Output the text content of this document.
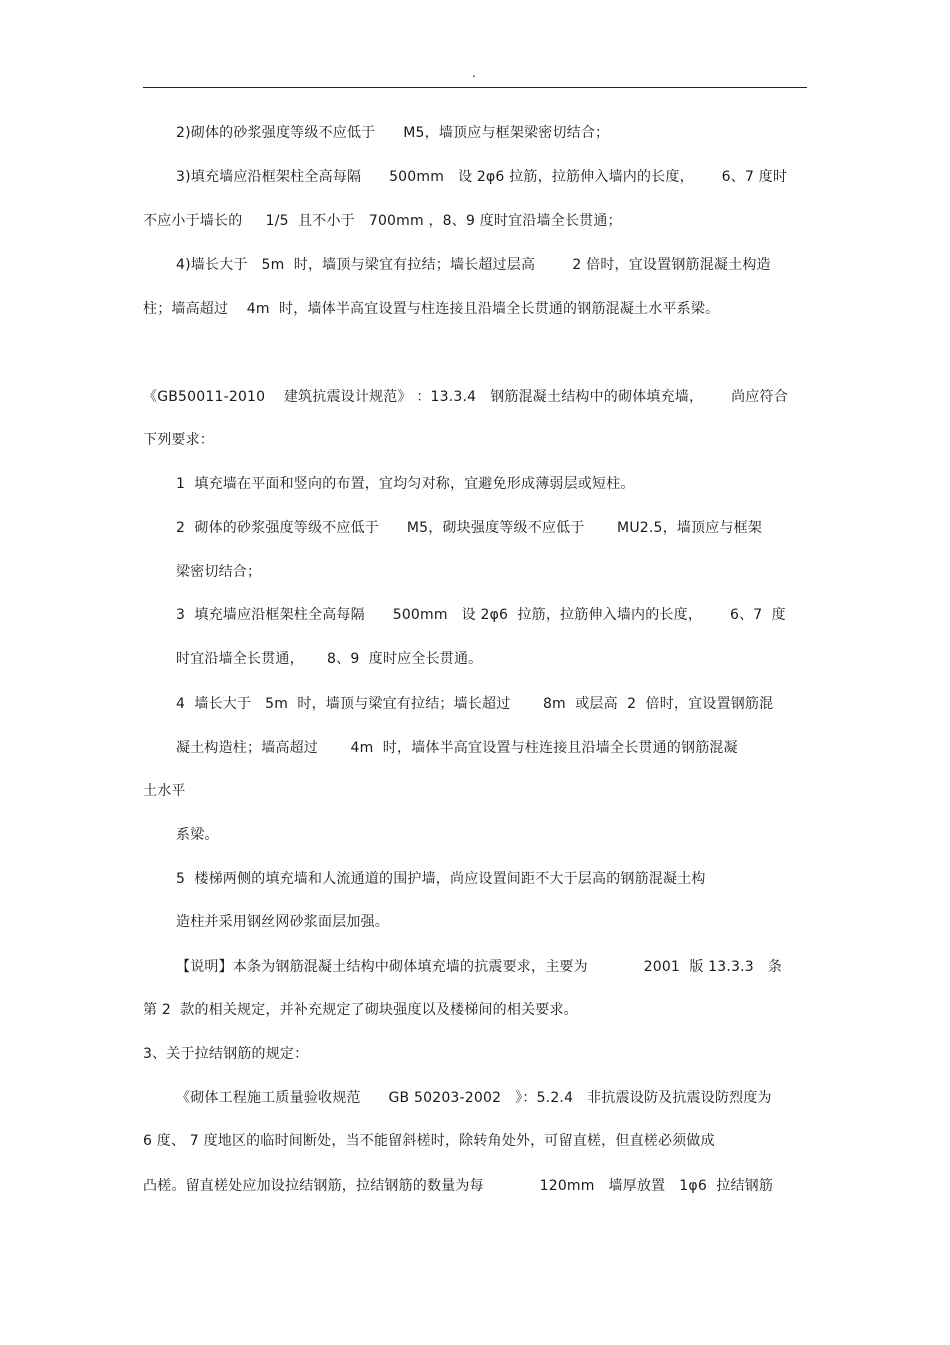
.
2)砌体的砂浆强度等级不应低于      M5，墙顶应与框架梁密切结合；
3)填充墙应沿框架柱全高每隔      500mm   设 2φ6 拉筋，拉筋伸入墙内的长度，      6、7 度时
不应小于墙长的     1/5  且不小于   700mm ，8、9 度时宜沿墙全长贯通；
4)墙长大于   5m  时，墙顶与梁宜有拉结；墙长超过层高        2 倍时，宜设置钢筋混凝土构造
柱；墙高超过    4m  时，墙体半高宜设置与柱连接且沿墙全长贯通的钢筋混凝土水平系梁。
《GB50011-2010    建筑抗震设计规范》 ：13.3.4   钢筋混凝土结构中的砌体填充墙，      尚应符合
下列要求：
1  填充墙在平面和竖向的布置，宜均匀对称，宜避免形成薄弱层或短柱。
2  砌体的砂浆强度等级不应低于      M5，砌块强度等级不应低于       MU2.5，墙顶应与框架
梁密切结合；
3  填充墙应沿框架柱全高每隔      500mm   设 2φ6  拉筋，拉筋伸入墙内的长度，      6、7  度
时宜沿墙全长贯通，     8、9  度时应全长贯通。
4  墙长大于   5m  时，墙顶与梁宜有拉结；墙长超过       8m  或层高  2  倍时，宜设置钢筋混
凝土构造柱；墙高超过       4m  时，墙体半高宜设置与柱连接且沿墙全长贯通的钢筋混凝
土水平
系梁。
5  楼梯两侧的填充墙和人流通道的围护墙，尚应设置间距不大于层高的钢筋混凝土构
造柱并采用钢丝网砂浆面层加强。
【说明】本条为钢筋混凝土结构中砌体填充墙的抗震要求，主要为            2001  版 13.3.3   条
第 2  款的相关规定，并补充规定了砌块强度以及楼梯间的相关要求。
3、关于拉结钢筋的规定：
《砌体工程施工质量验收规范      GB 50203-2002   》：5.2.4   非抗震设防及抗震设防烈度为
6 度、 7 度地区的临时间断处，当不能留斜槎时，除转角处外，可留直槎，但直槎必须做成
凸槎。留直槎处应加设拉结钢筋，拉结钢筋的数量为每            120mm   墙厚放置   1φ6  拉结钢筋
